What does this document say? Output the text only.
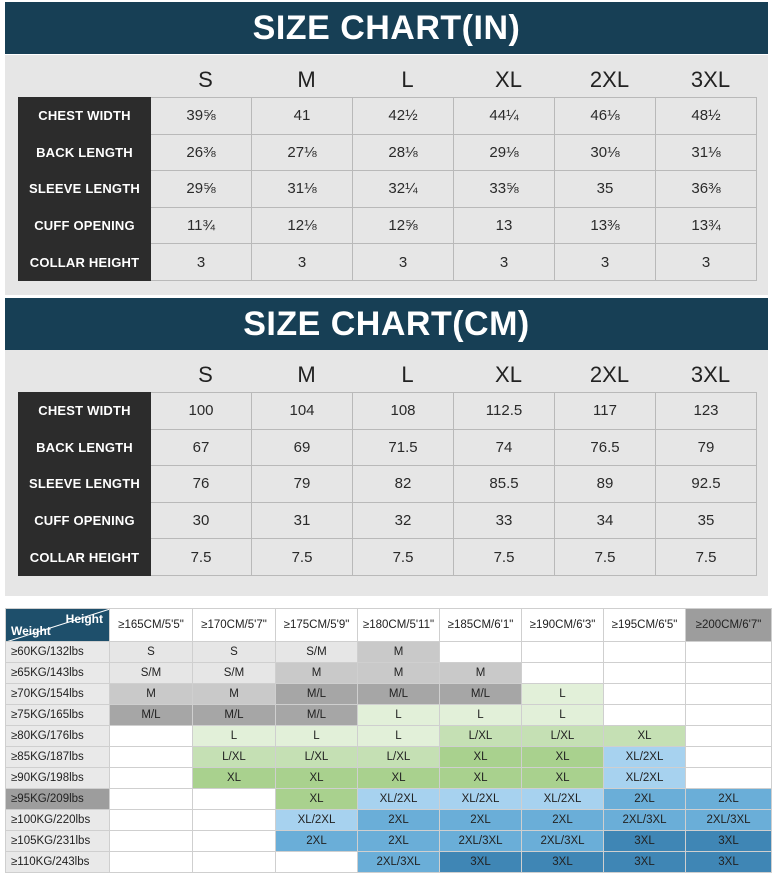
SIZE CHART(IN)
S	M	L	XL	2XL	3XL
CHEST WIDTH	39⅝	41	42½	44¼	46⅛	48½
BACK LENGTH	26⅜	27⅛	28⅛	29⅛	30⅛	31⅛
SLEEVE LENGTH	29⅝	31⅛	32¼	33⅝	35	36⅜
CUFF OPENING	11¾	12⅛	12⅝	13	13⅜	13¾
COLLAR HEIGHT	3	3	3	3	3	3
SIZE CHART(CM)
S	M	L	XL	2XL	3XL
CHEST WIDTH	100	104	108	112.5	117	123
BACK LENGTH	67	69	71.5	74	76.5	79
SLEEVE LENGTH	76	79	82	85.5	89	92.5
CUFF OPENING	30	31	32	33	34	35
COLLAR HEIGHT	7.5	7.5	7.5	7.5	7.5	7.5
Height
Weight	≥165CM/5'5"	≥170CM/5'7"	≥175CM/5'9"	≥180CM/5'11"	≥185CM/6'1"	≥190CM/6'3"	≥195CM/6'5"	≥200CM/6'7"
≥60KG/132lbs	S	S	S/M	M				
≥65KG/143lbs	S/M	S/M	M	M	M			
≥70KG/154lbs	M	M	M/L	M/L	M/L	L		
≥75KG/165lbs	M/L	M/L	M/L	L	L	L		
≥80KG/176lbs		L	L	L	L/XL	L/XL	XL	
≥85KG/187lbs		L/XL	L/XL	L/XL	XL	XL	XL/2XL	
≥90KG/198lbs		XL	XL	XL	XL	XL	XL/2XL	
≥95KG/209lbs			XL	XL/2XL	XL/2XL	XL/2XL	2XL	2XL
≥100KG/220lbs			XL/2XL	2XL	2XL	2XL	2XL/3XL	2XL/3XL
≥105KG/231lbs			2XL	2XL	2XL/3XL	2XL/3XL	3XL	3XL
≥110KG/243lbs				2XL/3XL	3XL	3XL	3XL	3XL
